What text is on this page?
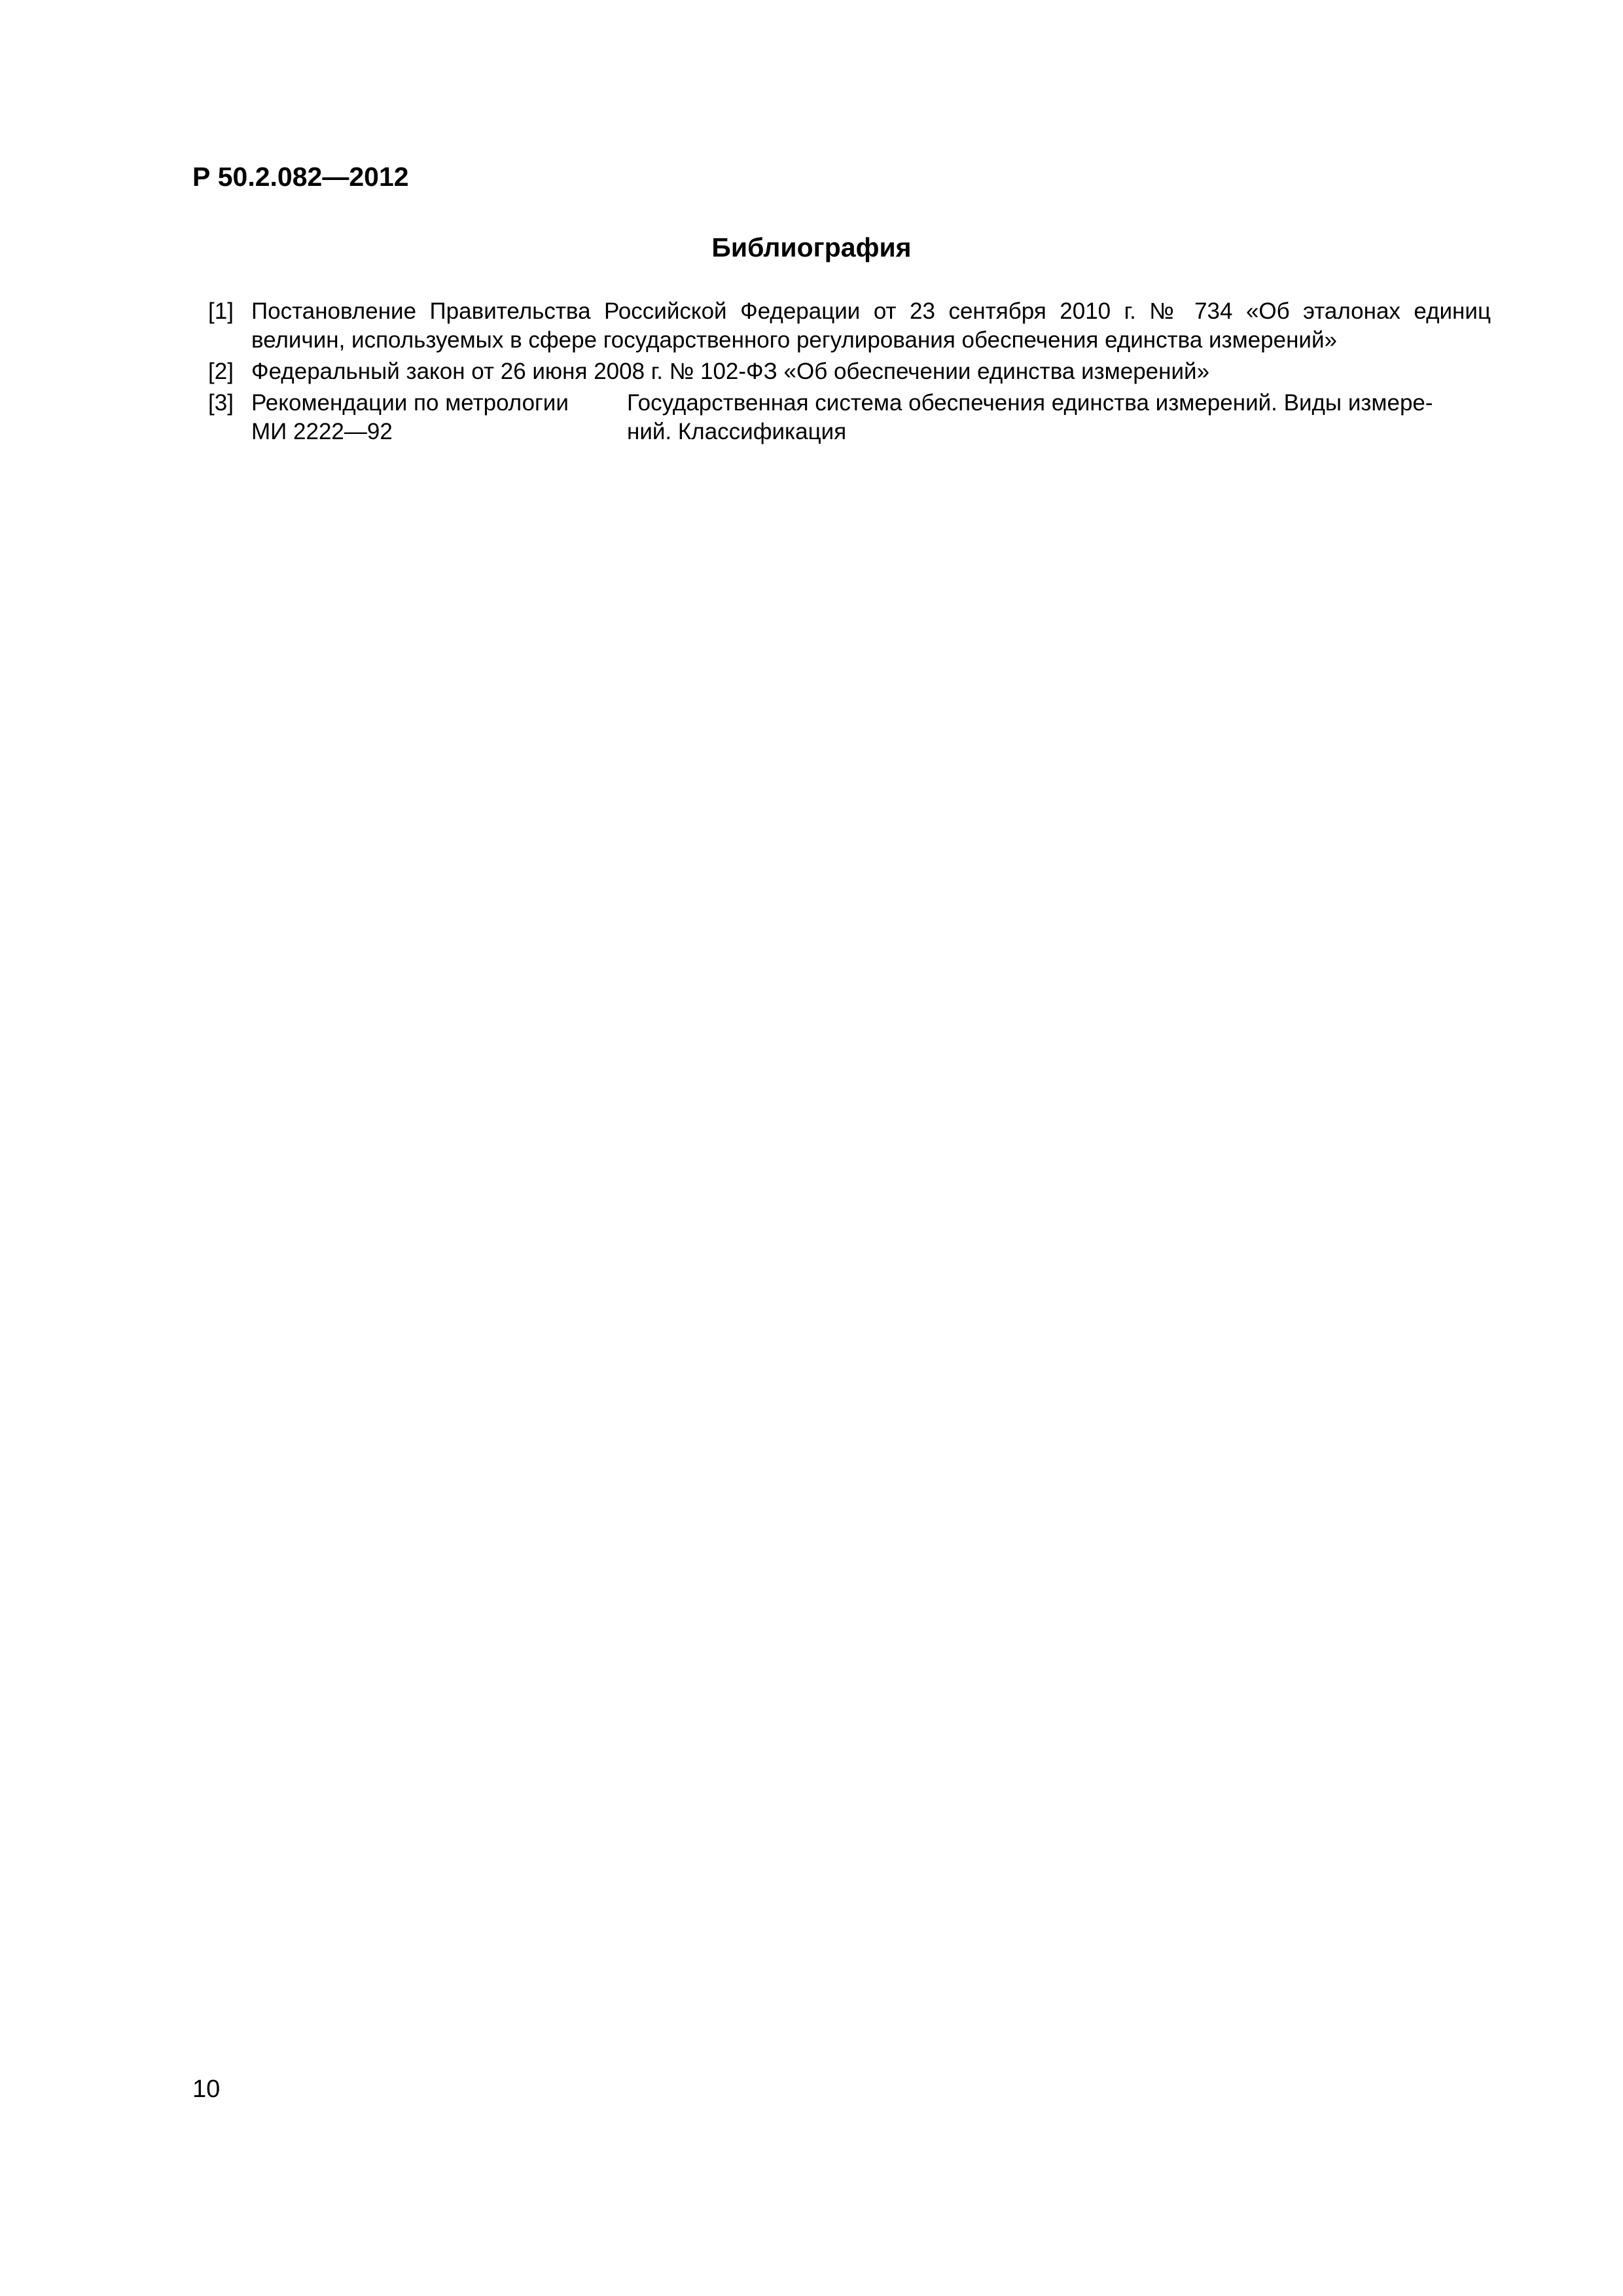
Р 50.2.082—2012
Библиография
[1] Постановление Правительства Российской Федерации от 23 сентября 2010 г. № 734 «Об эталонах единиц величин, используемых в сфере государственного регулирования обеспечения единства измерений»
[2] Федеральный закон от 26 июня 2008 г. № 102-ФЗ «Об обеспечении единства измерений»
[3] Рекомендации по метрологии
МИ 2222—92
Государственная система обеспечения единства измерений. Виды измере-
ний. Классификация
10
